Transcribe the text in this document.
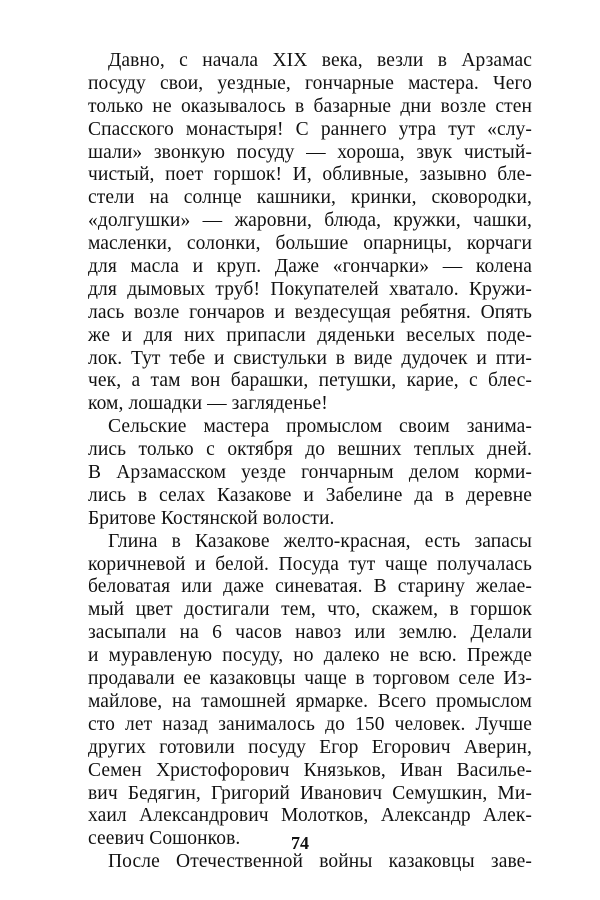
Давно, с начала XIX века, везли в Арзамас
посуду свои, уездные, гончарные мастера. Чего
только не оказывалось в базарные дни возле стен
Спасского монастыря! С раннего утра тут «слу-
шали» звонкую посуду — хороша, звук чистый-
чистый, поет горшок! И, обливные, зазывно бле-
стели на солнце кашники, кринки, сковородки,
«долгушки» — жаровни, блюда, кружки, чашки,
масленки, солонки, большие опарницы, корчаги
для масла и круп. Даже «гончарки» — колена
для дымовых труб! Покупателей хватало. Кружи-
лась возле гончаров и вездесущая ребятня. Опять
же и для них припасли дяденьки веселых поде-
лок. Тут тебе и свистульки в виде дудочек и пти-
чек, а там вон барашки, петушки, карие, с блес-
ком, лошадки — загляденье!
Сельские мастера промыслом своим занима-
лись только с октября до вешних теплых дней.
В Арзамасском уезде гончарным делом корми-
лись в селах Казакове и Забелине да в деревне
Бритове Костянской волости.
Глина в Казакове желто-красная, есть запасы
коричневой и белой. Посуда тут чаще получалась
беловатая или даже синеватая. В старину желае-
мый цвет достигали тем, что, скажем, в горшок
засыпали на 6 часов навоз или землю. Делали
и муравленую посуду, но далеко не всю. Прежде
продавали ее казаковцы чаще в торговом селе Из-
майлове, на тамошней ярмарке. Всего промыслом
сто лет назад занималось до 150 человек. Лучше
других готовили посуду Егор Егорович Аверин,
Семен Христофорович Князьков, Иван Василье-
вич Бедягин, Григорий Иванович Семушкин, Ми-
хаил Александрович Молотков, Александр Алек-
сеевич Сошонков.
После Отечественной войны казаковцы заве-
74
